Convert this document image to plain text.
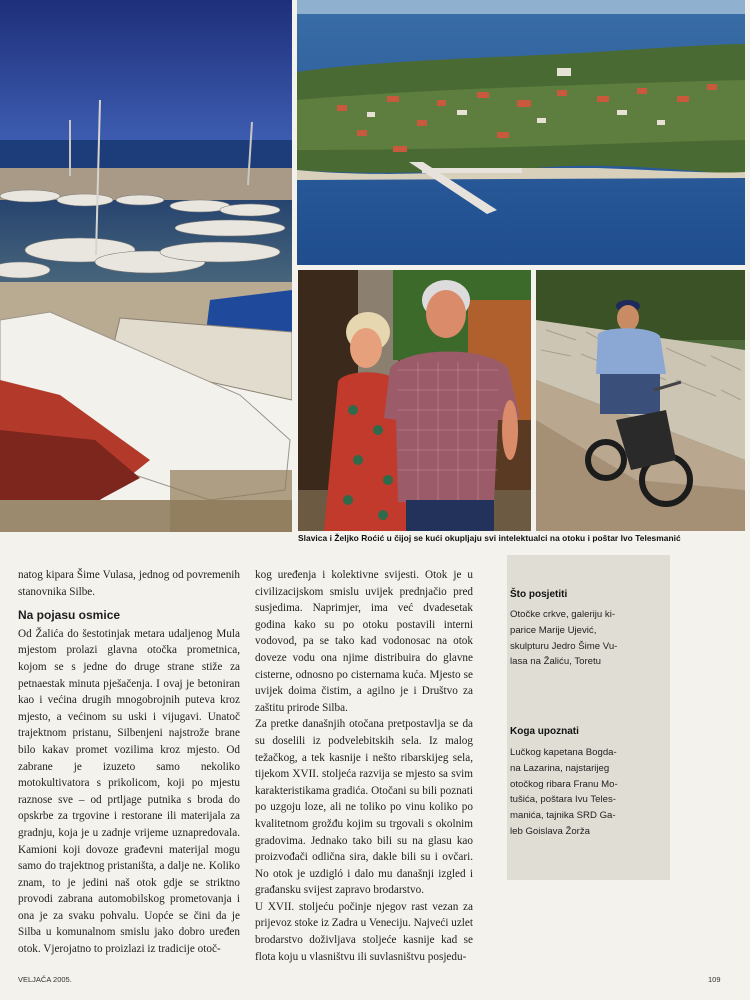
Slavica i Željko Roćić u čijoj se kući okupljaju svi intelektualci na otoku i poštar Ivo Telesmanić

natog kipara Šime Vulasa, jednog od povremenih stanovnika Silbe.

Na pojasu osmice

Od Žalića do šestotinjak metara udaljenog Mula mjestom prolazi glavna otočka prometnica, kojom se s jedne do druge strane stiže za petnaestak minuta pješačenja. I ovaj je betoniran kao i većina drugih mnogobrojnih puteva kroz mjesto, a većinom su uski i vijugavi. Unatoč trajektnom pristanu, Silbenjeni najstrože brane bilo kakav promet vozilima kroz mjesto. Od zabrane je izuzeto samo nekoliko motokultivatora s prikolicom, koji po mjestu raznose sve – od prtljage putnika s broda do opskrbe za trgovine i restorane ili materijala za gradnju, koja je u zadnje vrijeme uznapredovala. Kamioni koji dovoze građevni materijal mogu samo do trajektnog pristaništa, a dalje ne. Koliko znam, to je jedini naš otok gdje se striktno provodi zabrana automobilskog prometovanja i ona je za svaku pohvalu. Uopće se čini da je Silba u komunalnom smislu jako dobro uređen otok. Vjerojatno to proizlazi iz tradicije otoč-

kog uređenja i kolektivne svijesti. Otok je u civilizacijskom smislu uvijek prednjačio pred susjedima. Naprimjer, ima već dvadesetak godina kako su po otoku postavili interni vodovod, pa se tako kad vodonosac na otok doveze vodu ona njime distribuira do glavne cisterne, odnosno po cisternama kuća. Mjesto se uvijek doima čistim, a agilno je i Društvo za zaštitu prirode Silba.

Za pretke današnjih otočana pretpostavlja se da su doselili iz podvelebitskih sela. Iz malog težačkog, a tek kasnije i nešto ribarskijeg sela, tijekom XVII. stoljeća razvija se mjesto sa svim karakteristikama gradića. Otočani su bili poznati po uzgoju loze, ali ne toliko po vinu koliko po kvalitetnom grožđu kojim su trgovali s okolnim gradovima. Jednako tako bili su na glasu kao proizvođači odlična sira, dakle bili su i ovčari. No otok je uzdigló i dalo mu današnji izgled i građansku svijest zapravo brodarstvo.

U XVII. stoljeću počinje njegov rast vezan za prijevoz stoke iz Zadra u Veneciju. Najveći uzlet brodarstvo doživljava stoljeće kasnije kad se flota koju u vlasništvu ili suvlasništvu posjedu-

Što posjetiti
Otočke crkve, galeriju ki-
parice Marije Ujević,
skulpturu Jedro Šime Vu-
lasa na Žaliću, Toretu
Koga upoznati
Lučkog kapetana Bogda-
na Lazarina, najstarijeg
otočkog ribara Franu Mo-
tušića, poštara Ivu Teles-
manića, tajnika SRD Ga-
leb Goislava Žorža
VELJAČA 2005.	109
